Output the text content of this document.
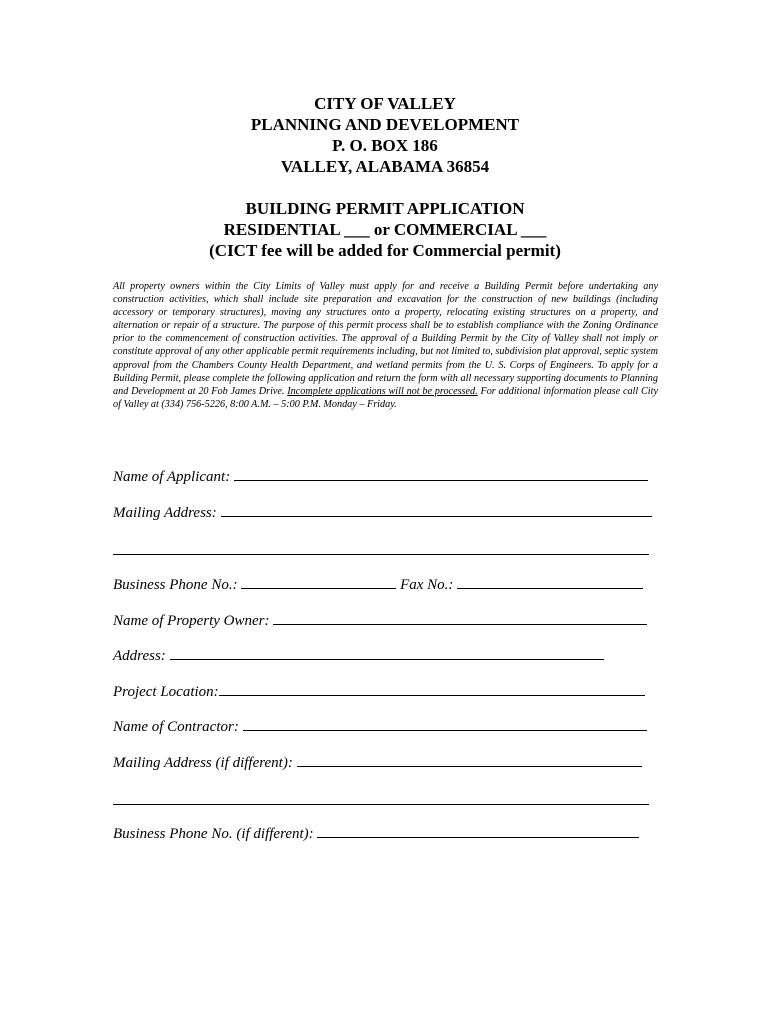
CITY OF VALLEY
PLANNING AND DEVELOPMENT
P. O. BOX 186
VALLEY, ALABAMA 36854
BUILDING PERMIT APPLICATION
RESIDENTIAL ___ or COMMERCIAL ___
(CICT fee will be added for Commercial permit)
All property owners within the City Limits of Valley must apply for and receive a Building Permit before undertaking any construction activities, which shall include site preparation and excavation for the construction of new buildings (including accessory or temporary structures), moving any structures onto a property, relocating existing structures on a property, and alternation or repair of a structure. The purpose of this permit process shall be to establish compliance with the Zoning Ordinance prior to the commencement of construction activities. The approval of a Building Permit by the City of Valley shall not imply or constitute approval of any other applicable permit requirements including, but not limited to, subdivision plat approval, septic system approval from the Chambers County Health Department, and wetland permits from the U. S. Corps of Engineers. To apply for a Building Permit, please complete the following application and return the form with all necessary supporting documents to Planning and Development at 20 Fob James Drive. Incomplete applications will not be processed. For additional information please call City of Valley at (334) 756-5226, 8:00 A.M. – 5:00 P.M. Monday – Friday.
Name of Applicant:
Mailing Address:
Business Phone No.:	Fax No.:
Name of Property Owner:
Address:
Project Location:
Name of Contractor:
Mailing Address (if different):
Business Phone No. (if different):
